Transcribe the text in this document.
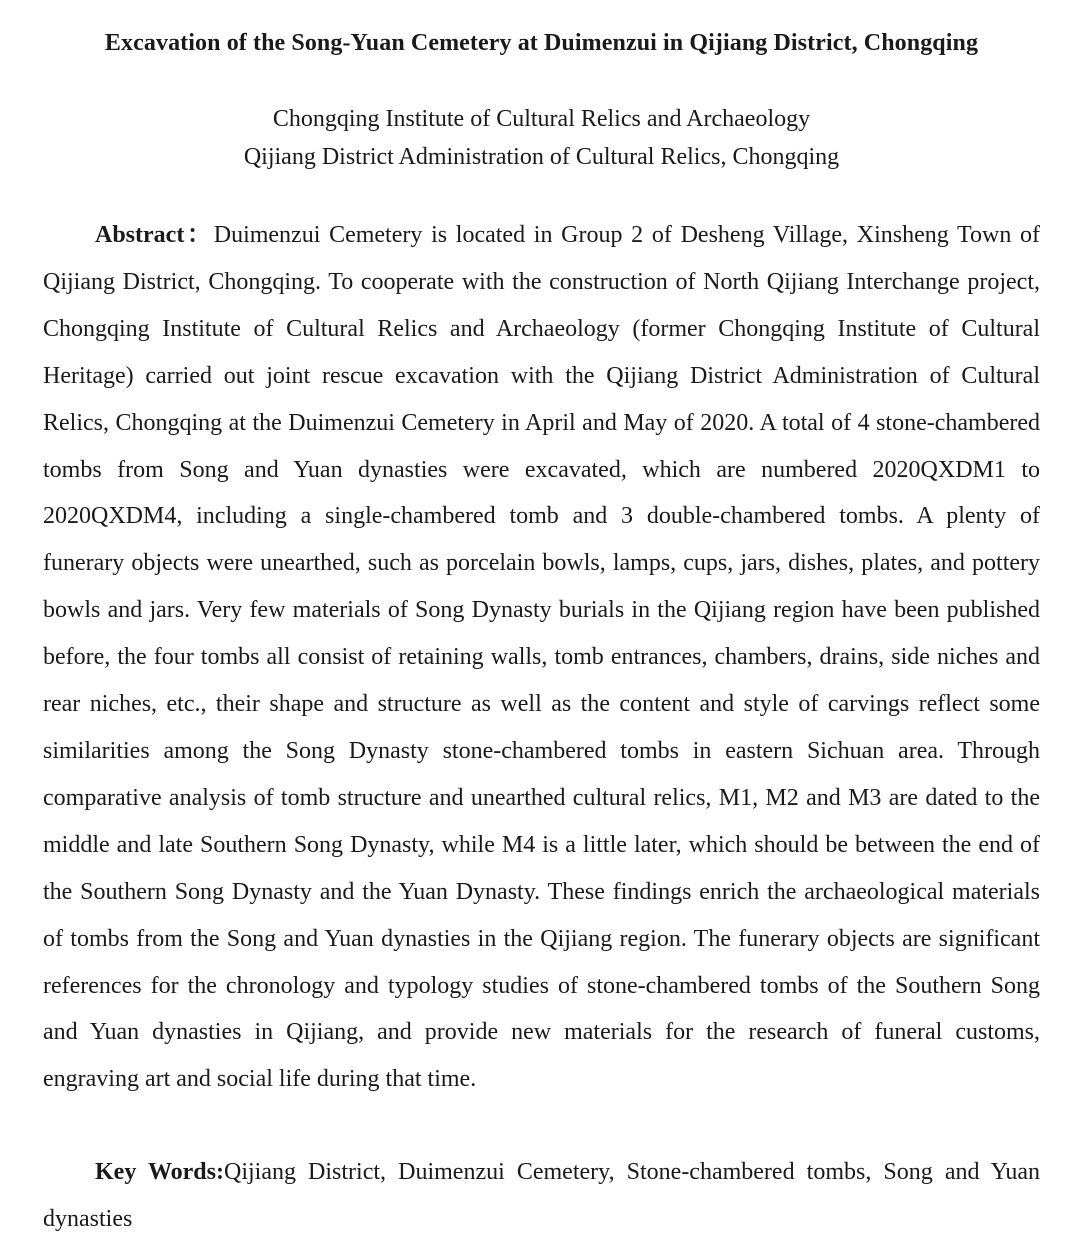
Excavation of the Song-Yuan Cemetery at Duimenzui in Qijiang District, Chongqing
Chongqing Institute of Cultural Relics and Archaeology
Qijiang District Administration of Cultural Relics, Chongqing

Abstract：Duimenzui Cemetery is located in Group 2 of Desheng Village, Xinsheng Town of Qijiang District, Chongqing. To cooperate with the construction of North Qijiang Interchange project, Chongqing Institute of Cultural Relics and Archaeology (former Chongqing Institute of Cultural Heritage) carried out joint rescue excavation with the Qijiang District Administration of Cultural Relics, Chongqing at the Duimenzui Cemetery in April and May of 2020. A total of 4 stone-chambered tombs from Song and Yuan dynasties were excavated, which are numbered 2020QXDM1 to 2020QXDM4, including a single-chambered tomb and 3 double-chambered tombs. A plenty of funerary objects were unearthed, such as porcelain bowls, lamps, cups, jars, dishes, plates, and pottery bowls and jars. Very few materials of Song Dynasty burials in the Qijiang region have been published before, the four tombs all consist of retaining walls, tomb entrances, chambers, drains, side niches and rear niches, etc., their shape and structure as well as the content and style of carvings reflect some similarities among the Song Dynasty stone-chambered tombs in eastern Sichuan area. Through comparative analysis of tomb structure and unearthed cultural relics, M1, M2 and M3 are dated to the middle and late Southern Song Dynasty, while M4 is a little later, which should be between the end of the Southern Song Dynasty and the Yuan Dynasty. These findings enrich the archaeological materials of tombs from the Song and Yuan dynasties in the Qijiang region. The funerary objects are significant references for the chronology and typology studies of stone-chambered tombs of the Southern Song and Yuan dynasties in Qijiang, and provide new materials for the research of funeral customs, engraving art and social life during that time.

Key Words:Qijiang District, Duimenzui Cemetery, Stone-chambered tombs, Song and Yuan dynasties
